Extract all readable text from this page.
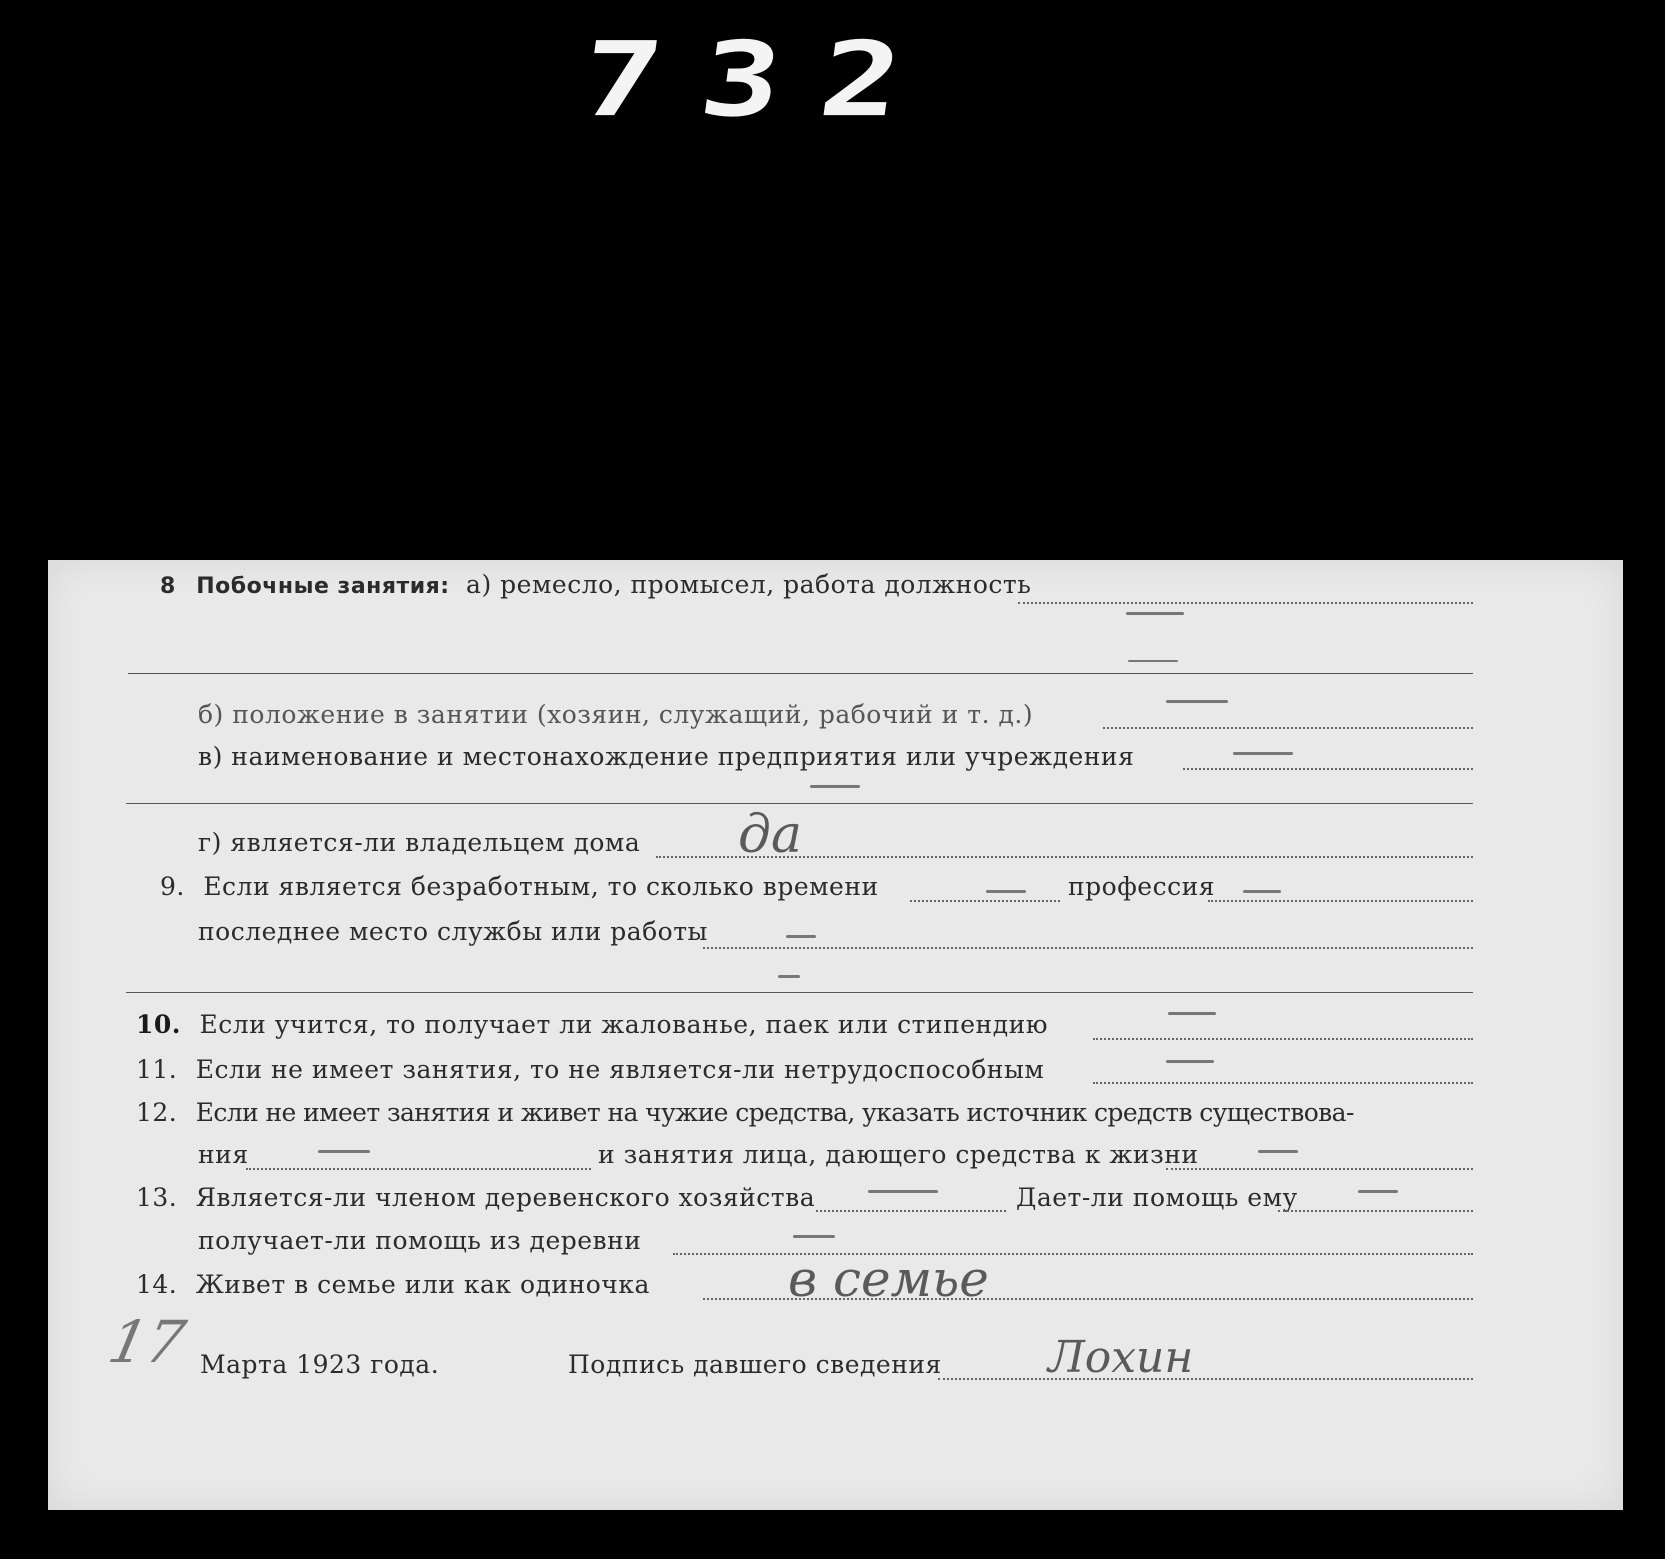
732
8 Побочные занятия: а) ремесло, промысел, работа должность
б) положение в занятии (хозяин, служащий, рабочий и т. д.)
в) наименование и местонахождение предприятия или учреждения
г) является-ли владельцем дома да
9. Если является безработным, то сколько времени	профессия
последнее место службы или работы
10. Если учится, то получает ли жалованье, паек или стипендию
11. Если не имеет занятия, то не является-ли нетрудоспособным
12. Если не имеет занятия и живет на чужие средства, указать источник средств существова-
ния	и занятия лица, дающего средства к жизни
13. Является-ли членом деревенского хозяйства	Дает-ли помощь ему
получает-ли помощь из деревни
14. Живет в семье или как одиночка	в семье
17 Марта 1923 года.	Подпись давшего сведения Лохин
